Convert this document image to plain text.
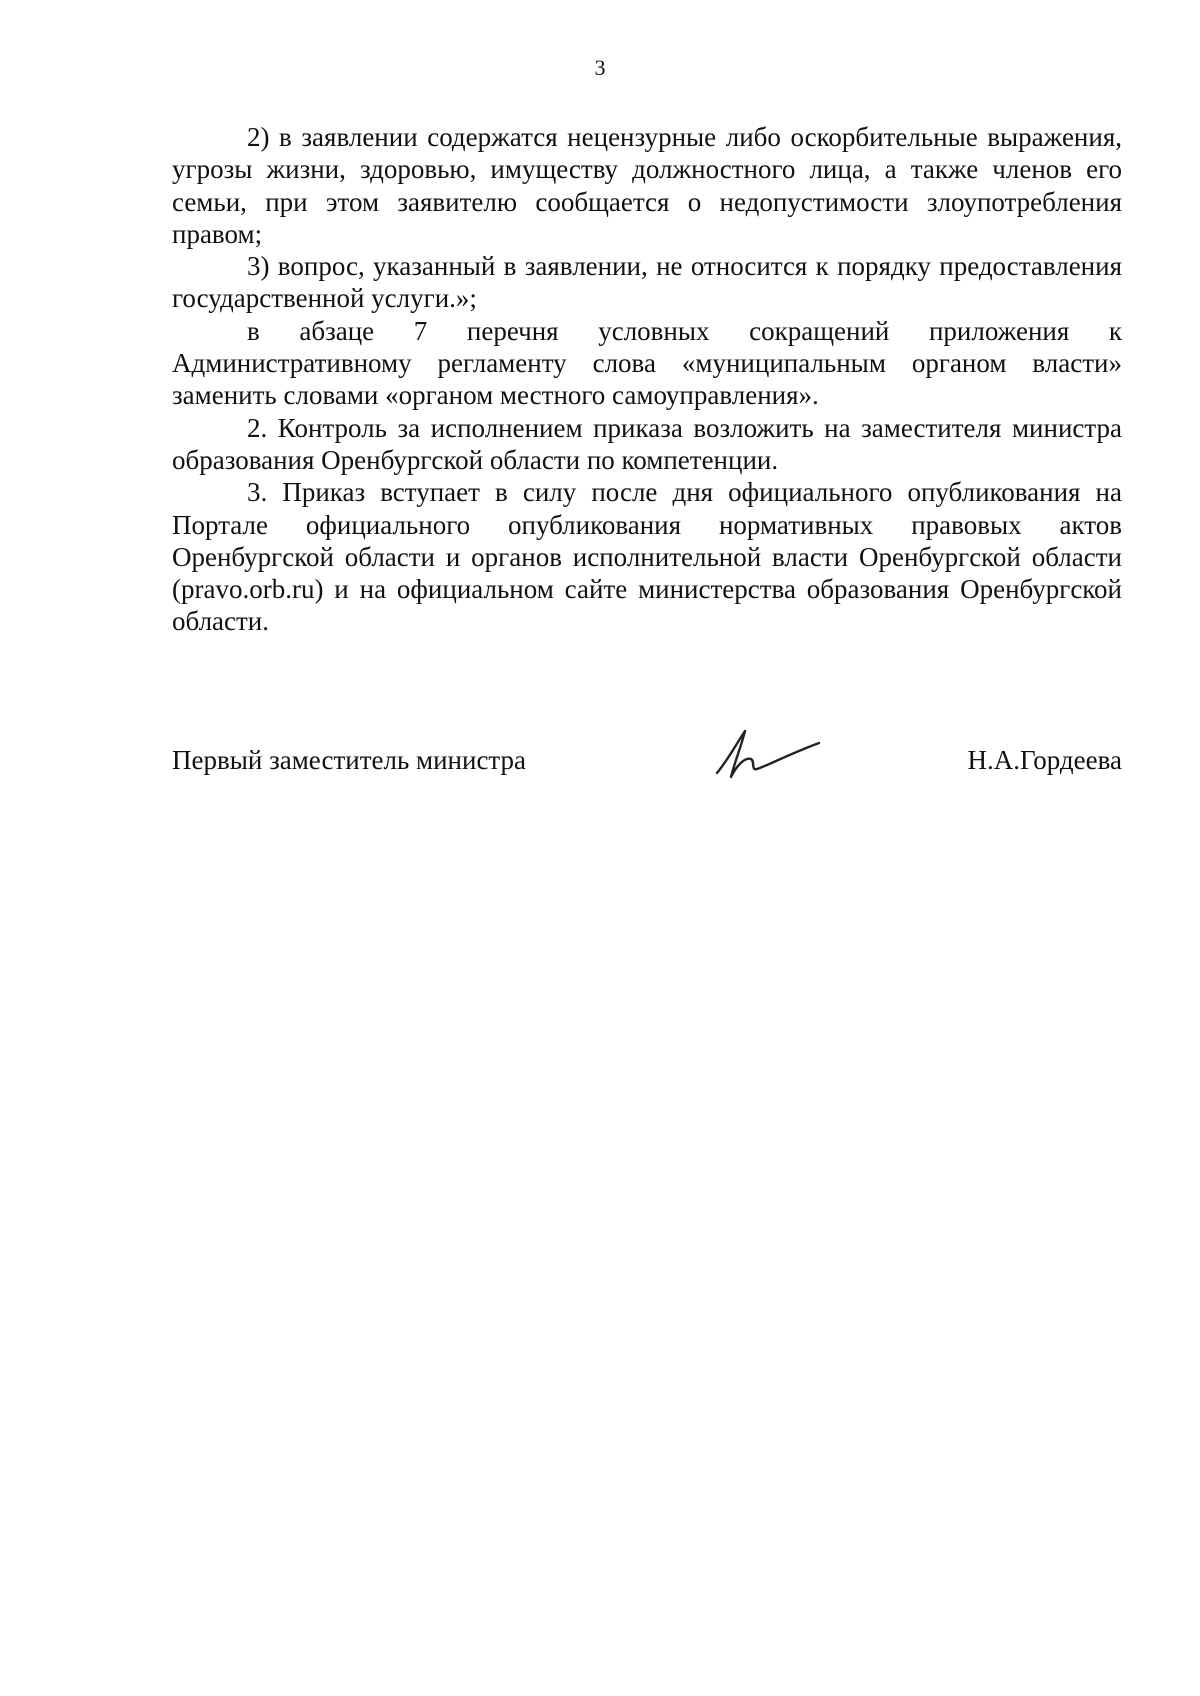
3

2) в заявлении содержатся нецензурные либо оскорбительные выражения, угрозы жизни, здоровью, имуществу должностного лица, а также членов его семьи, при этом заявителю сообщается о недопустимости злоупотребления правом;

3) вопрос, указанный в заявлении, не относится к порядку предоставления государственной услуги.»;

в абзаце 7 перечня условных сокращений приложения к Административному регламенту слова «муниципальным органом власти» заменить словами «органом местного самоуправления».

2. Контроль за исполнением приказа возложить на заместителя министра образования Оренбургской области по компетенции.

3. Приказ вступает в силу после дня официального опубликования на Портале официального опубликования нормативных правовых актов Оренбургской области и органов исполнительной власти Оренбургской области (pravo.orb.ru) и на официальном сайте министерства образования Оренбургской области.

Первый заместитель министра	Н.А.Гордеева
